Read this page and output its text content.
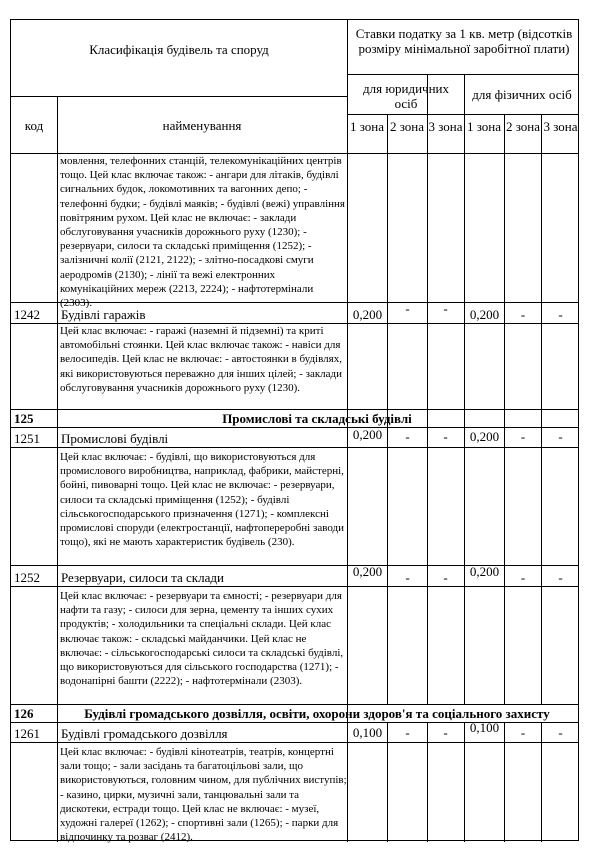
Класифікація будівель та споруд
Ставки податку за 1 кв. метр (відсотків розміру мінімальної заробітної плати)
код	найменування
для юридичних осіб
для фізичних осіб
1 зона 2 зона 3 зона 1 зона 2 зона 3 зона
мовлення, телефонних станцій, телекомунікаційних центрів тощо. Цей клас включає також: - ангари для літаків, будівлі сигнальних будок, локомотивних та вагонних депо; - телефонні будки; - будівлі маяків; - будівлі (вежі) управління повітряним рухом. Цей клас не включає: - заклади обслуговування учасників дорожнього руху (1230); - резервуари, силоси та складські приміщення (1252); - залізничні колії (2121, 2122); - злітно-посадкові смуги аеродромів (2130); - лінії та вежі електронних комунікаційних мереж (2213, 2224); - нафтотермінали (2303).
1242 Будівлі гаражів	0,200	-	-	0,200	-	-
Цей клас включає: - гаражі (наземні й підземні) та криті автомобільні стоянки. Цей клас включає також: - навіси для велосипедів. Цей клас не включає: - автостоянки в будівлях, які використовуються переважно для інших цілей; - заклади обслуговування учасників дорожнього руху (1230).
125	Промислові та складські будівлі
1251 Промислові будівлі	0,200	-	-	0,200	-	-
Цей клас включає: - будівлі, що використовуються для промислового виробництва, наприклад, фабрики, майстерні, бойні, пивоварні тощо. Цей клас не включає: - резервуари, силоси та складські приміщення (1252); - будівлі сільськогосподарського призначення (1271); - комплексні промислові споруди (електростанції, нафтопереробні заводи тощо), які не мають характеристик будівель (230).
1252 Резервуари, силоси та склади	0,200	-	-	0,200	-	-
Цей клас включає: - резервуари та ємності; - резервуари для нафти та газу; - силоси для зерна, цементу та інших сухих продуктів; - холодильники та спеціальні склади. Цей клас включає також: - складські майданчики. Цей клас не включає: - сільськогосподарські силоси та складські будівлі, що використовуються для сільського господарства (1271); - водонапірні башти (2222); - нафтотермінали (2303).
126	Будівлі громадського дозвілля, освіти, охорони здоров'я та соціального захисту
1261 Будівлі громадського дозвілля	0,100	-	-	0,100	-	-
Цей клас включає: - будівлі кінотеатрів, театрів, концертні зали тощо; - зали засідань та багатоцільові зали, що використовуються, головним чином, для публічних виступів; - казино, цирки, музичні зали, танцювальні зали та дискотеки, естради тощо. Цей клас не включає: - музеї, художні галереї (1262); - спортивні зали (1265); - парки для відпочинку та розваг (2412).
